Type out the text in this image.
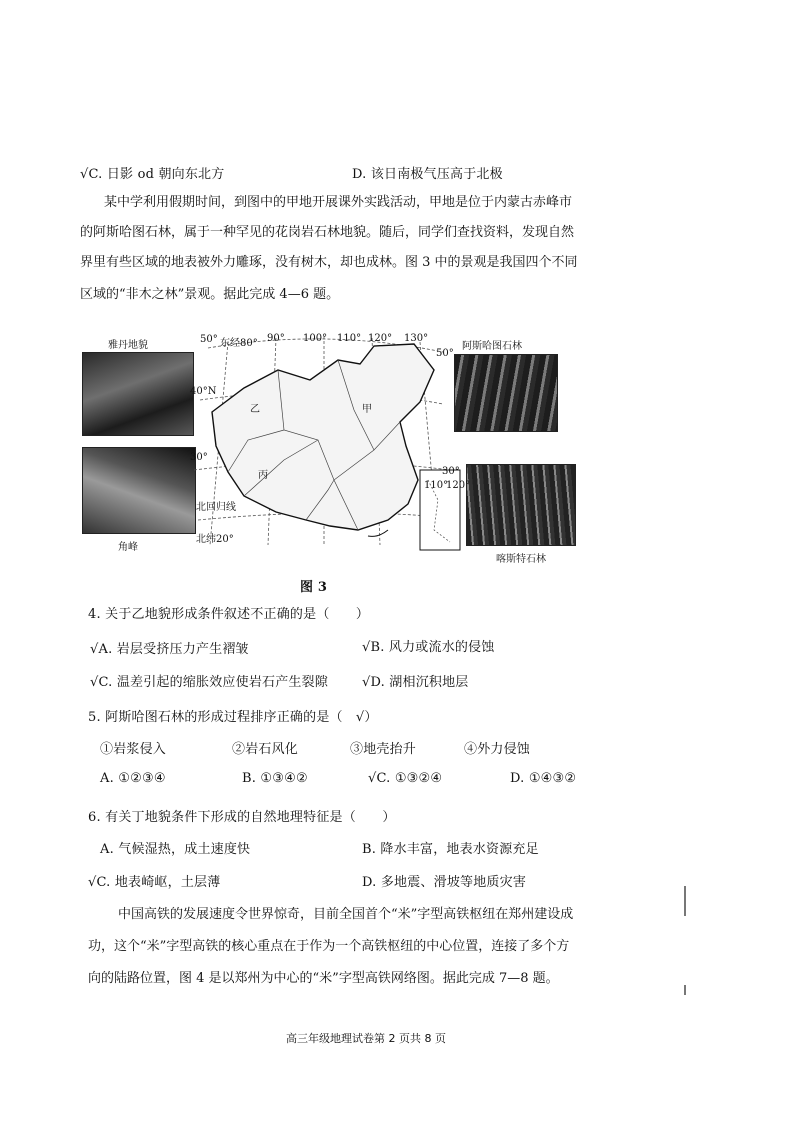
√C. 日影 od 朝向东北方	D. 该日南极气压高于北极
某中学利用假期时间，到图中的甲地开展课外实践活动，甲地是位于内蒙古赤峰市
的阿斯哈图石林，属于一种罕见的花岗岩石林地貌。随后，同学们查找资料，发现自然
界里有些区域的地表被外力雕琢，没有树木，却也成林。图 3 中的景观是我国四个不同
区域的“非木之林”景观。据此完成 4—6 题。
雅丹地貌
角峰
阿斯哈图石林
喀斯特石林
50° 东经80° 90° 100° 110° 120° 130°
50°
40°N
30°
30°
北回归线
北纬20°
甲
乙
丙
110°
120°
图 3
4. 关于乙地貌形成条件叙述不正确的是（　　）
√A. 岩层受挤压力产生褶皱	√B. 风力或流水的侵蚀
√C. 温差引起的缩胀效应使岩石产生裂隙	√D. 湖相沉积地层
5. 阿斯哈图石林的形成过程排序正确的是（　√）
①岩浆侵入	②岩石风化	③地壳抬升	④外力侵蚀
A. ①②③④	B. ①③④②	√C. ①③②④	D. ①④③②
6. 有关丁地貌条件下形成的自然地理特征是（　　）
A. 气候湿热，成土速度快	B. 降水丰富，地表水资源充足
√C. 地表崎岖，土层薄	D. 多地震、滑坡等地质灾害
中国高铁的发展速度令世界惊奇，目前全国首个“米”字型高铁枢纽在郑州建设成
功，这个“米”字型高铁的核心重点在于作为一个高铁枢纽的中心位置，连接了多个方
向的陆路位置，图 4 是以郑州为中心的“米”字型高铁网络图。据此完成 7—8 题。
高三年级地理试卷第 2 页共 8 页
